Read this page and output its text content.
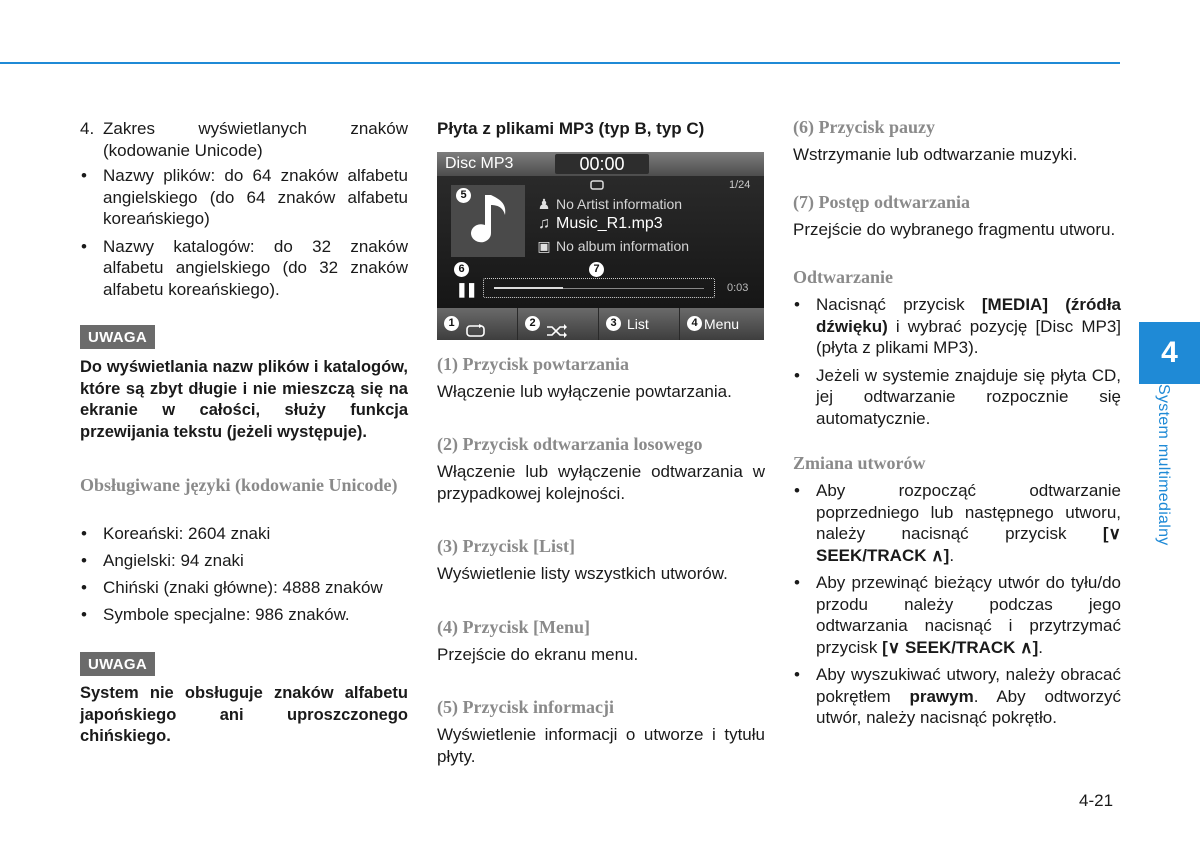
4. Zakres wyświetlanych znaków (kodowanie Unicode)
• Nazwy plików: do 64 znaków alfabetu angielskiego (do 64 znaków alfabetu koreańskiego)
• Nazwy katalogów: do 32 znaków alfabetu angielskiego (do 32 znaków alfabetu koreańskiego).
UWAGA

Do wyświetlania nazw plików i katalogów, które są zbyt długie i nie mieszczą się na ekranie w całości, służy funkcja przewijania tekstu (jeżeli występuje).

Obsługiwane języki (kodowanie Unicode)

• Koreański: 2604 znaki
• Angielski: 94 znaki
• Chiński (znaki główne): 4888 znaków
• Symbole specjalne: 986 znaków.
UWAGA

System nie obsługuje znaków alfabetu japońskiego ani uproszczonego chińskiego.

Płyta z plikami MP3 (typ B, typ C)

Disc MP3	00:00
1/24
♟ No Artist information
♫ Music_R1.mp3
▣ No album information
5
6	7
❚❚	0:03
1	2	3 List	4 Menu

(1) Przycisk powtarzania

Włączenie lub wyłączenie powtarzania.

(2) Przycisk odtwarzania losowego

Włączenie lub wyłączenie odtwarzania w przypadkowej kolejności.

(3) Przycisk [List]

Wyświetlenie listy wszystkich utworów.

(4) Przycisk [Menu]

Przejście do ekranu menu.

(5) Przycisk informacji

Wyświetlenie informacji o utworze i tytułu płyty.

(6) Przycisk pauzy

Wstrzymanie lub odtwarzanie muzyki.

(7) Postęp odtwarzania

Przejście do wybranego fragmentu utworu.

Odtwarzanie

• Nacisnąć przycisk [MEDIA] (źródła dźwięku) i wybrać pozycję [Disc MP3] (płyta z plikami MP3).
• Jeżeli w systemie znajduje się płyta CD, jej odtwarzanie rozpocznie się automatycznie.

Zmiana utworów

• Aby rozpocząć odtwarzanie poprzedniego lub następnego utworu, należy nacisnąć przycisk [∨ SEEK/TRACK ∧].
• Aby przewinąć bieżący utwór do tyłu/do przodu należy podczas jego odtwarzania nacisnąć i przytrzymać przycisk [∨ SEEK/TRACK ∧].
• Aby wyszukiwać utwory, należy obracać pokrętłem prawym. Aby odtworzyć utwór, należy nacisnąć pokrętło.
4
System multimedialny
4-21
